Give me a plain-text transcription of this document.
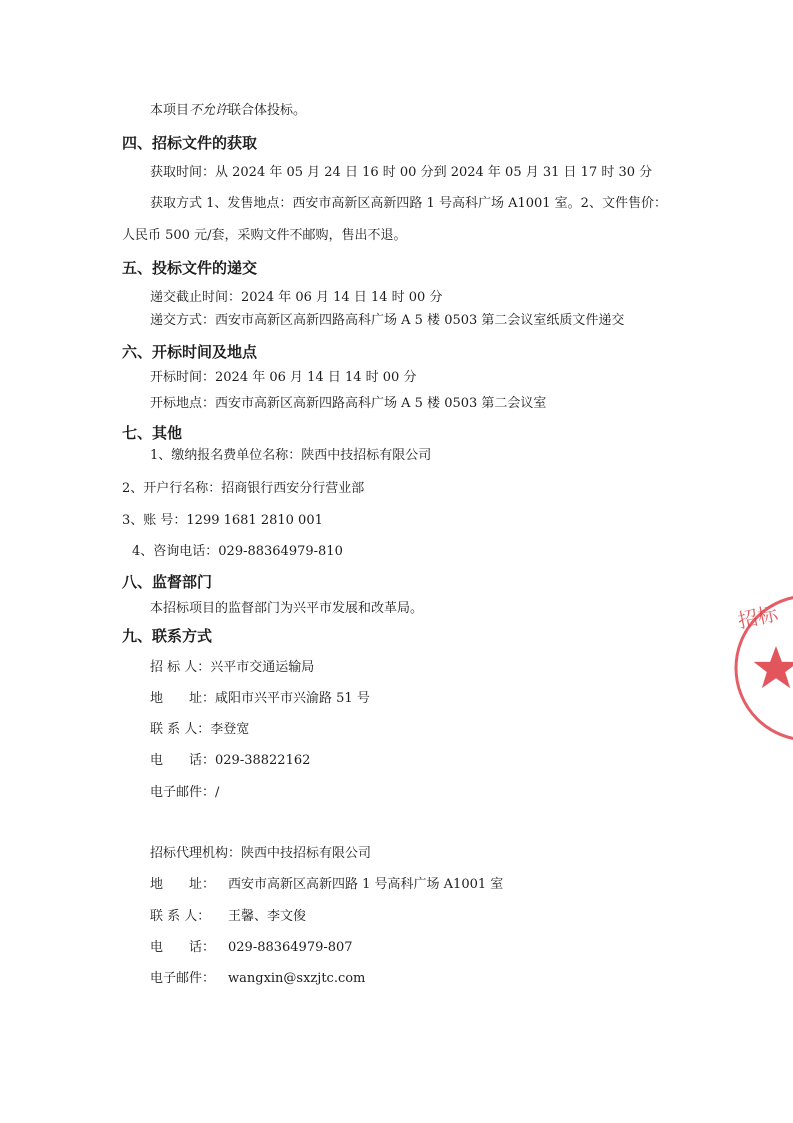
本项目不允许联合体投标。
四、招标文件的获取
获取时间：从 2024 年 05 月 24 日 16 时 00 分到 2024 年 05 月 31 日 17 时 30 分
获取方式 1、发售地点：西安市高新区高新四路 1 号高科广场 A1001 室。2、文件售价：
人民币 500 元/套，采购文件不邮购，售出不退。
五、投标文件的递交
递交截止时间：2024 年 06 月 14 日 14 时 00 分
递交方式：西安市高新区高新四路高科广场 A 5 楼 0503 第二会议室纸质文件递交
六、开标时间及地点
开标时间：2024 年 06 月 14 日 14 时 00 分
开标地点：西安市高新区高新四路高科广场 A 5 楼 0503 第二会议室
七、其他
1、缴纳报名费单位名称：陕西中技招标有限公司
2、开户行名称：招商银行西安分行营业部
3、账 号：1299 1681 2810 001
4、咨询电话：029-88364979-810
八、监督部门
本招标项目的监督部门为兴平市发展和改革局。
九、联系方式
招 标 人：兴平市交通运输局
地　　址：咸阳市兴平市兴渝路 51 号
联 系 人：李登宽
电　　话：029-38822162
电子邮件：/
招标代理机构：陕西中技招标有限公司
地　　址： 西安市高新区高新四路 1 号高科广场 A1001 室
联 系 人： 王馨、李文俊
电　　话： 029-88364979-807
电子邮件： wangxin@sxzjtc.com
招标
